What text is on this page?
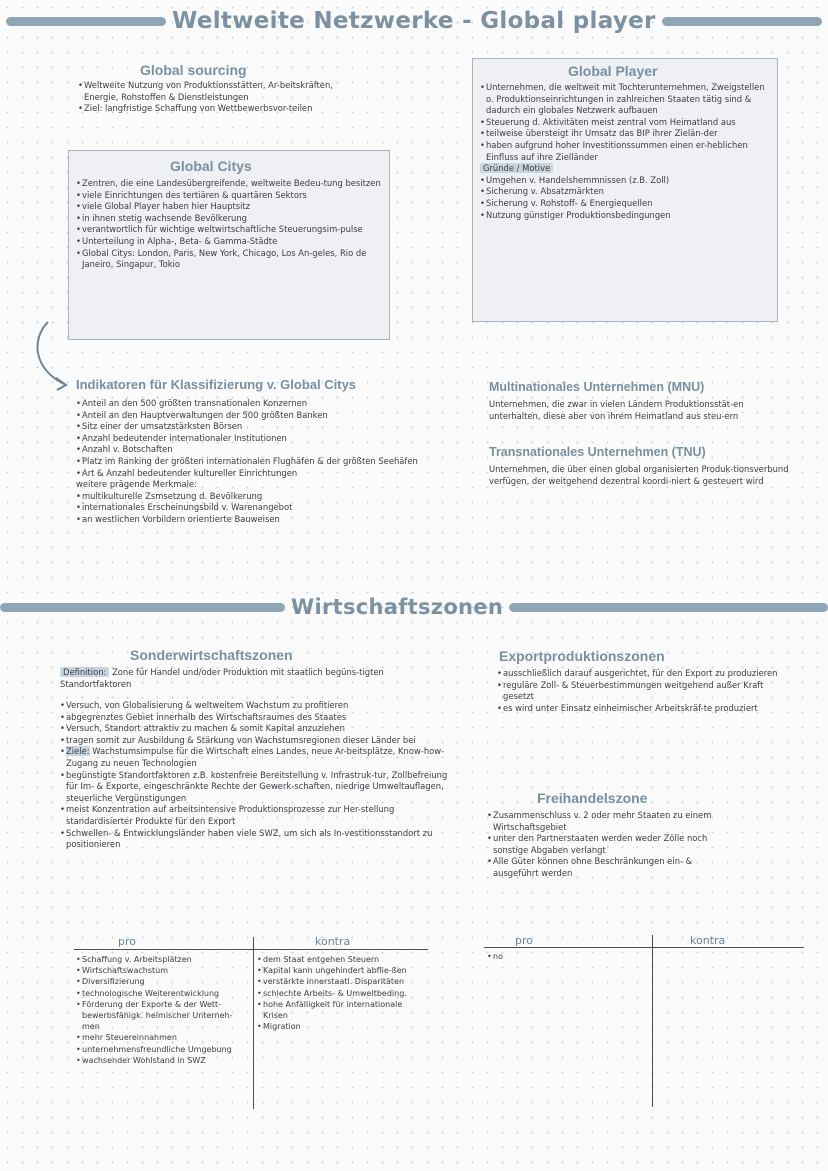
Weltweite Netzwerke - Global player
Global sourcing
• Weltweite Nutzung von Produktionsstätten, Ar-beitskräften, Energie, Rohstoffen & Dienstleistungen
• Ziel: langfristige Schaffung von Wettbewerbsvor-teilen
Global Citys
• Zentren, die eine Landesübergreifende, weltweite Bedeu-tung besitzen
• viele Einrichtungen des tertiären & quartären Sektors
• viele Global Player haben hier Hauptsitz
• in ihnen stetig wachsende Bevölkerung
• verantwortlich für wichtige weltwirtschaftliche Steuerungsim-pulse
• Unterteilung in Alpha-, Beta- & Gamma-Städte
• Global Citys: London, Paris, New York, Chicago, Los An-geles, Rio de Janeiro, Singapur, Tokio
Global Player
• Unternehmen, die weltweit mit Tochterunternehmen, Zweigstellen o. Produktionseinrichtungen in zahlreichen Staaten tätig sind & dadurch ein globales Netzwerk aufbauen
• Steuerung d. Aktivitäten meist zentral vom Heimatland aus
• teilweise übersteigt ihr Umsatz das BIP ihrer Zielän-der
• haben aufgrund hoher Investitionssummen einen er-heblichen Einfluss auf ihre Zielländer
Gründe / Motive
• Umgehen v. Handelshemmnissen (z.B. Zoll)
• Sicherung v. Absatzmärkten
• Sicherung v. Rohstoff- & Energiequellen
• Nutzung günstiger Produktionsbedingungen
Indikatoren für Klassifizierung v. Global Citys
• Anteil an den 500 größten transnationalen Konzernen
• Anteil an den Hauptverwaltungen der 500 größten Banken
• Sitz einer der umsatzstärksten Börsen
• Anzahl bedeutender internationaler Institutionen
• Anzahl v. Botschaften
• Platz im Ranking der größten internationalen Flughäfen & der größten Seehäfen
• Art & Anzahl bedeutender kultureller Einrichtungen
weitere prägende Merkmale:
• multikulturelle Zsmsetzung d. Bevölkerung
• internationales Erscheinungsbild v. Warenangebot
• an westlichen Vorbildern orientierte Bauweisen
Multinationales Unternehmen (MNU)

Unternehmen, die zwar in vielen Ländern Produktionsstät-en unterhalten, diese aber von ihrem Heimatland aus steu-ern

Transnationales Unternehmen (TNU)

Unternehmen, die über einen global organisierten Produk-tionsverbund verfügen, der weitgehend dezentral koordi-niert & gesteuert wird

Wirtschaftszonen
Sonderwirtschaftszonen

Definition: Zone für Handel und/oder Produktion mit staatlich begüns-tigten Standortfaktoren

• Versuch, von Globalisierung & weltweitem Wachstum zu profitieren
• abgegrenztes Gebiet innerhalb des Wirtschaftsraumes des Staates
• Versuch, Standort attraktiv zu machen & somit Kapital anzuziehen
• tragen somit zur Ausbildung & Stärkung von Wachstumsregionen dieser Länder bei
• Ziele: Wachstumsimpulse für die Wirtschaft eines Landes, neue Ar-beitsplätze, Know-how-Zugang zu neuen Technologien
• begünstigte Standortfaktoren z.B. kostenfreie Bereitstellung v. Infrastruk-tur, Zollbefreiung für Im- & Exporte, eingeschränkte Rechte der Gewerk-schaften, niedrige Umweltauflagen, steuerliche Vergünstigungen
• meist Konzentration auf arbeitsintensive Produktionsprozesse zur Her-stellung standardisierter Produkte für den Export
• Schwellen- & Entwicklungsländer haben viele SWZ, um sich als In-vestitionsstandort zu positionieren
pro	kontra
• Schaffung v. Arbeitsplätzen
• Wirtschaftswachstum
• Diversifizierung
• technologische Weiterentwicklung
• Förderung der Exporte & der Wett-bewerbsfähigk. heimischer Unterneh-men
• mehr Steuereinnahmen
• unternehmensfreundliche Umgebung
• wachsender Wohlstand in SWZ
• dem Staat entgehen Steuern
• Kapital kann ungehindert abflie-ßen
• verstärkte innerstaatl. Disparitäten
• schlechte Arbeits- & Umweltbeding.
• hohe Anfälligkeit für internationale Krisen
• Migration
Exportproduktionszonen
• ausschließlich darauf ausgerichtet, für den Export zu produzieren
• reguläre Zoll- & Steuerbestimmungen weitgehend außer Kraft gesetzt
• es wird unter Einsatz einheimischer Arbeitskräf-te produziert
Freihandelszone
• Zusammenschluss v. 2 oder mehr Staaten zu einem Wirtschaftsgebiet
• unter den Partnerstaaten werden weder Zölle noch sonstige Abgaben verlangt
• Alle Güter können ohne Beschränkungen ein- & ausgeführt werden
pro	kontra
• no
